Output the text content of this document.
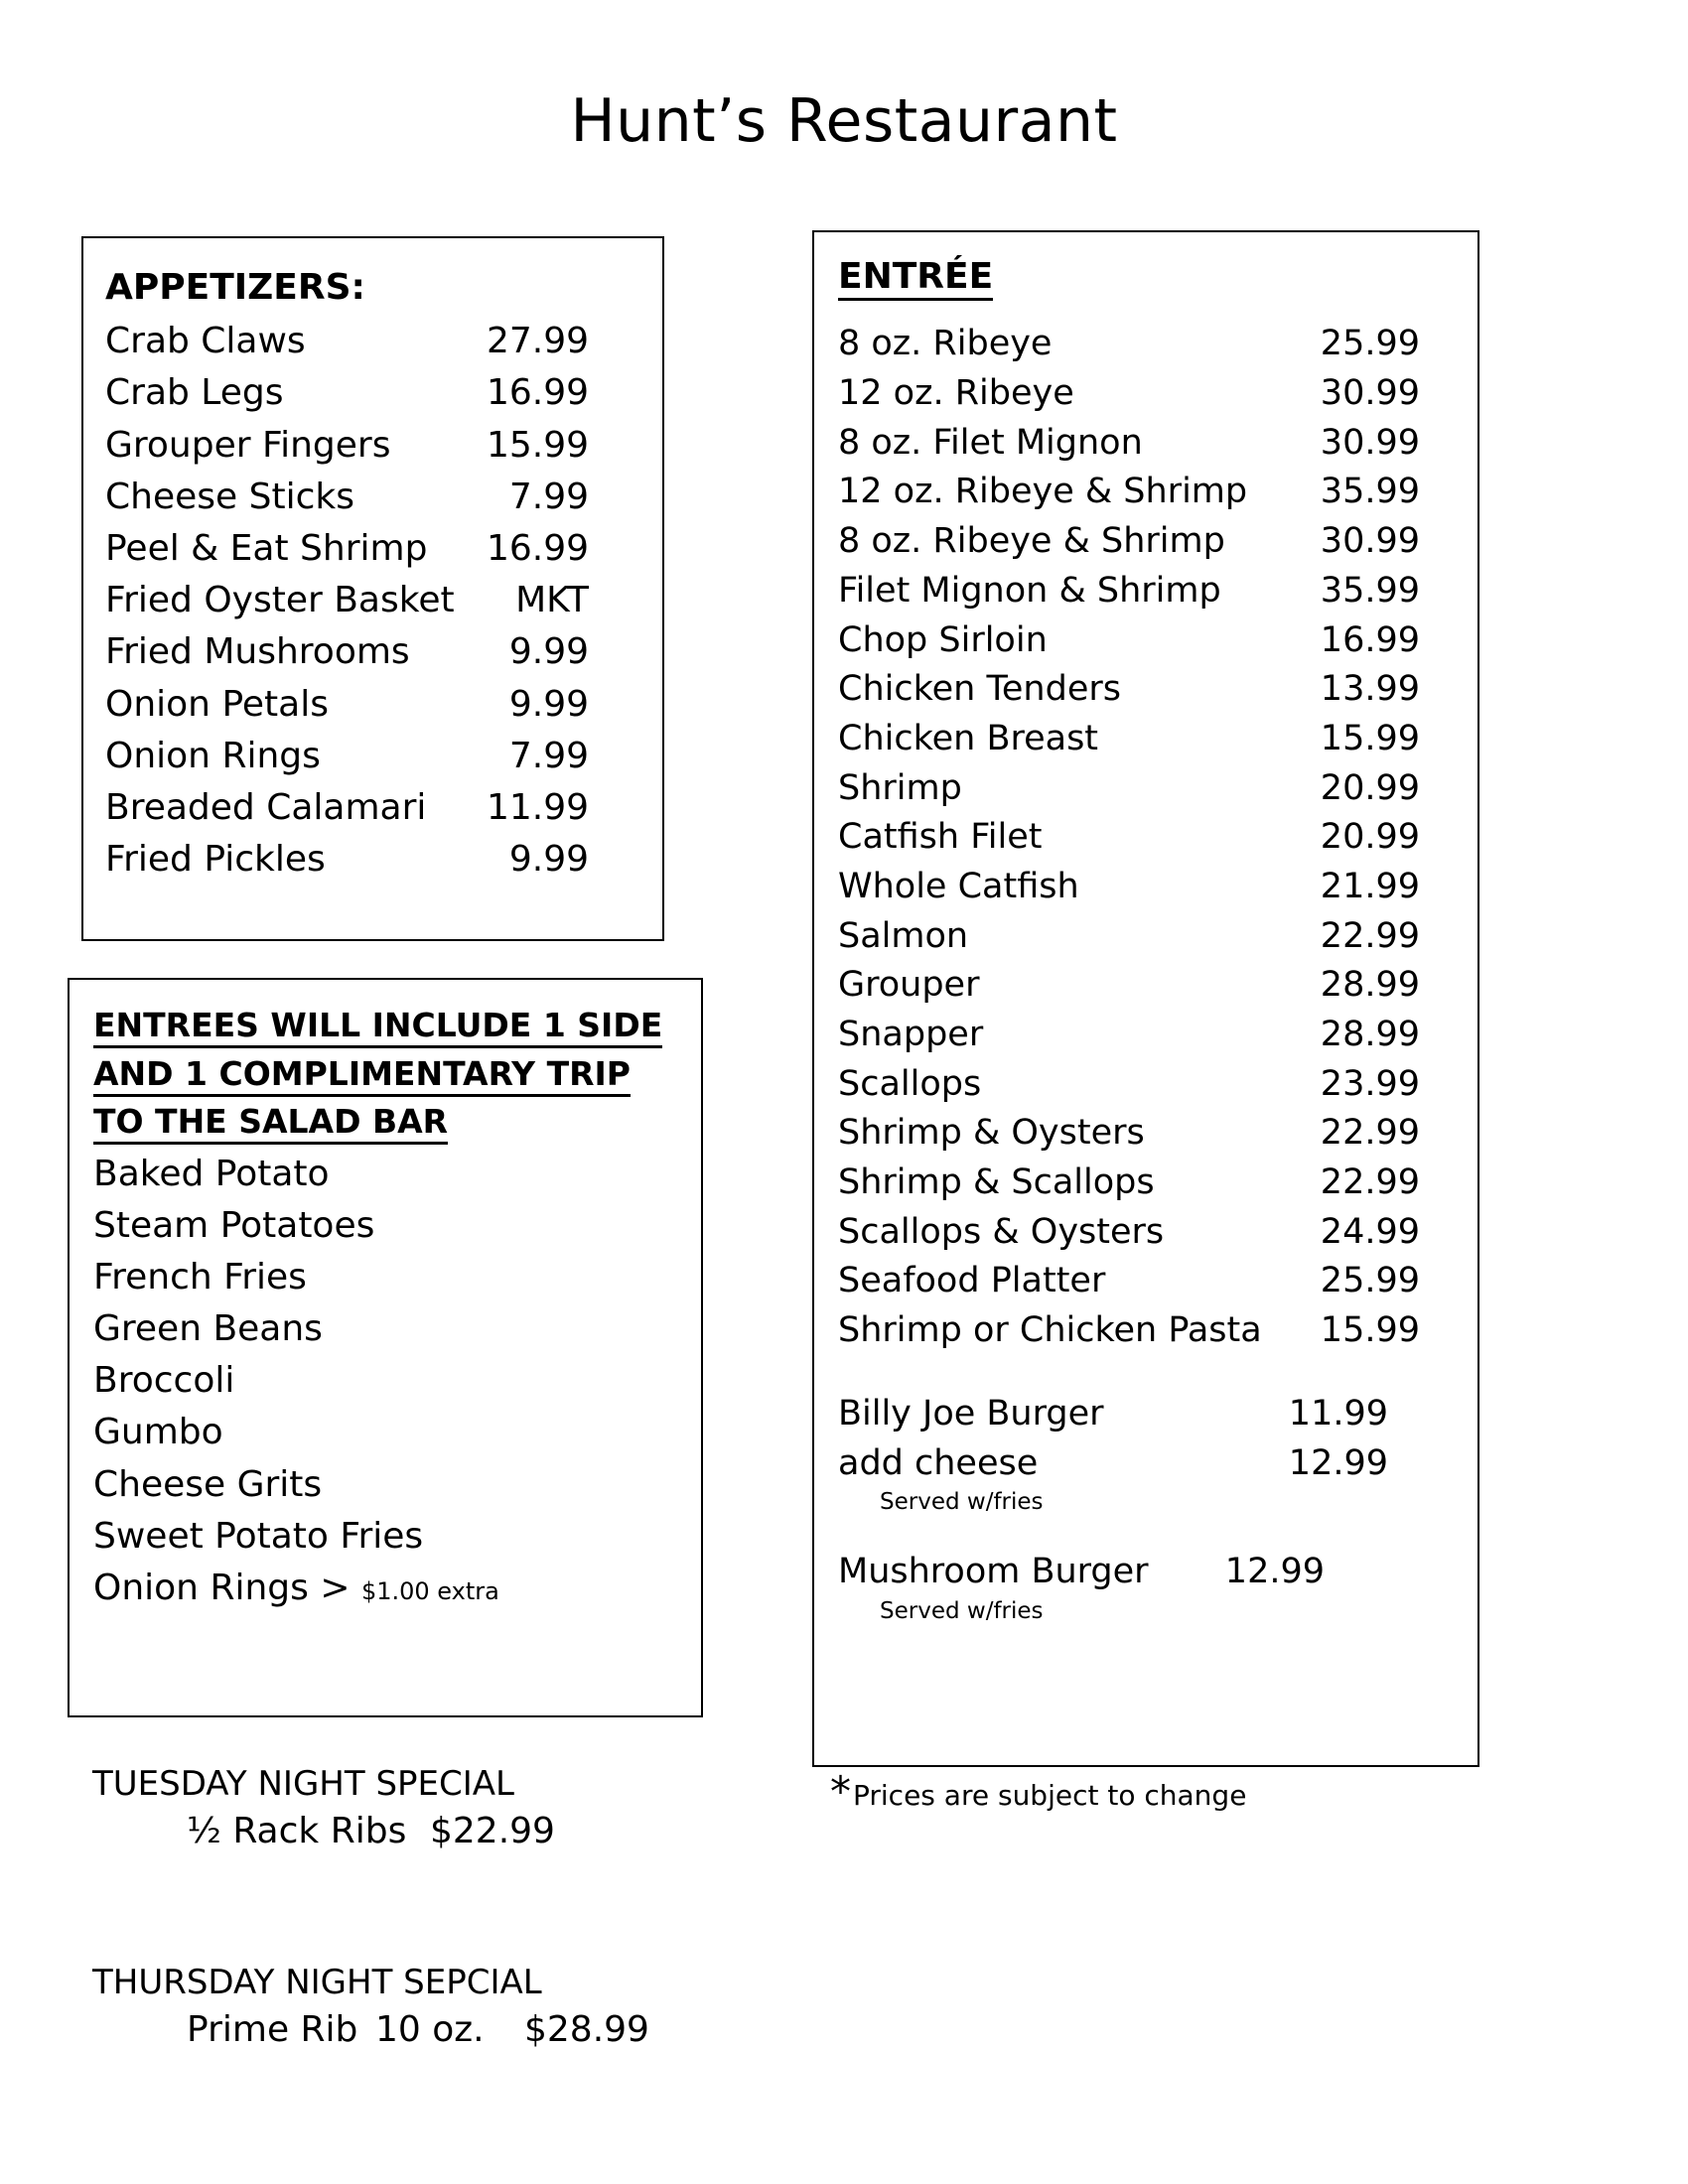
Hunt’s Restaurant
APPETIZERS:
Crab Claws	27.99
Crab Legs	16.99
Grouper Fingers	15.99
Cheese Sticks	7.99
Peel & Eat Shrimp	16.99
Fried Oyster Basket	MKT
Fried Mushrooms	9.99
Onion Petals	9.99
Onion Rings	7.99
Breaded Calamari	11.99
Fried Pickles	9.99
ENTREES WILL INCLUDE 1 SIDE
AND 1 COMPLIMENTARY TRIP
TO THE SALAD BAR
Baked Potato
Steam Potatoes
French Fries
Green Beans
Broccoli
Gumbo
Cheese Grits
Sweet Potato Fries
Onion Rings > $1.00 extra
ENTRÉE
8 oz. Ribeye	25.99
12 oz. Ribeye	30.99
8 oz. Filet Mignon	30.99
12 oz. Ribeye & Shrimp	35.99
8 oz. Ribeye & Shrimp	30.99
Filet Mignon & Shrimp	35.99
Chop Sirloin	16.99
Chicken Tenders	13.99
Chicken Breast	15.99
Shrimp	20.99
Catfish Filet	20.99
Whole Catfish	21.99
Salmon	22.99
Grouper	28.99
Snapper	28.99
Scallops	23.99
Shrimp & Oysters	22.99
Shrimp & Scallops	22.99
Scallops & Oysters	24.99
Seafood Platter	25.99
Shrimp or Chicken Pasta	15.99
Billy Joe Burger	11.99
add cheese	12.99
Served w/fries
Mushroom Burger	12.99
Served w/fries
* Prices are subject to change
TUESDAY NIGHT SPECIAL
½ Rack Ribs $22.99
THURSDAY NIGHT SEPCIAL
Prime Rib 10 oz.	$28.99
